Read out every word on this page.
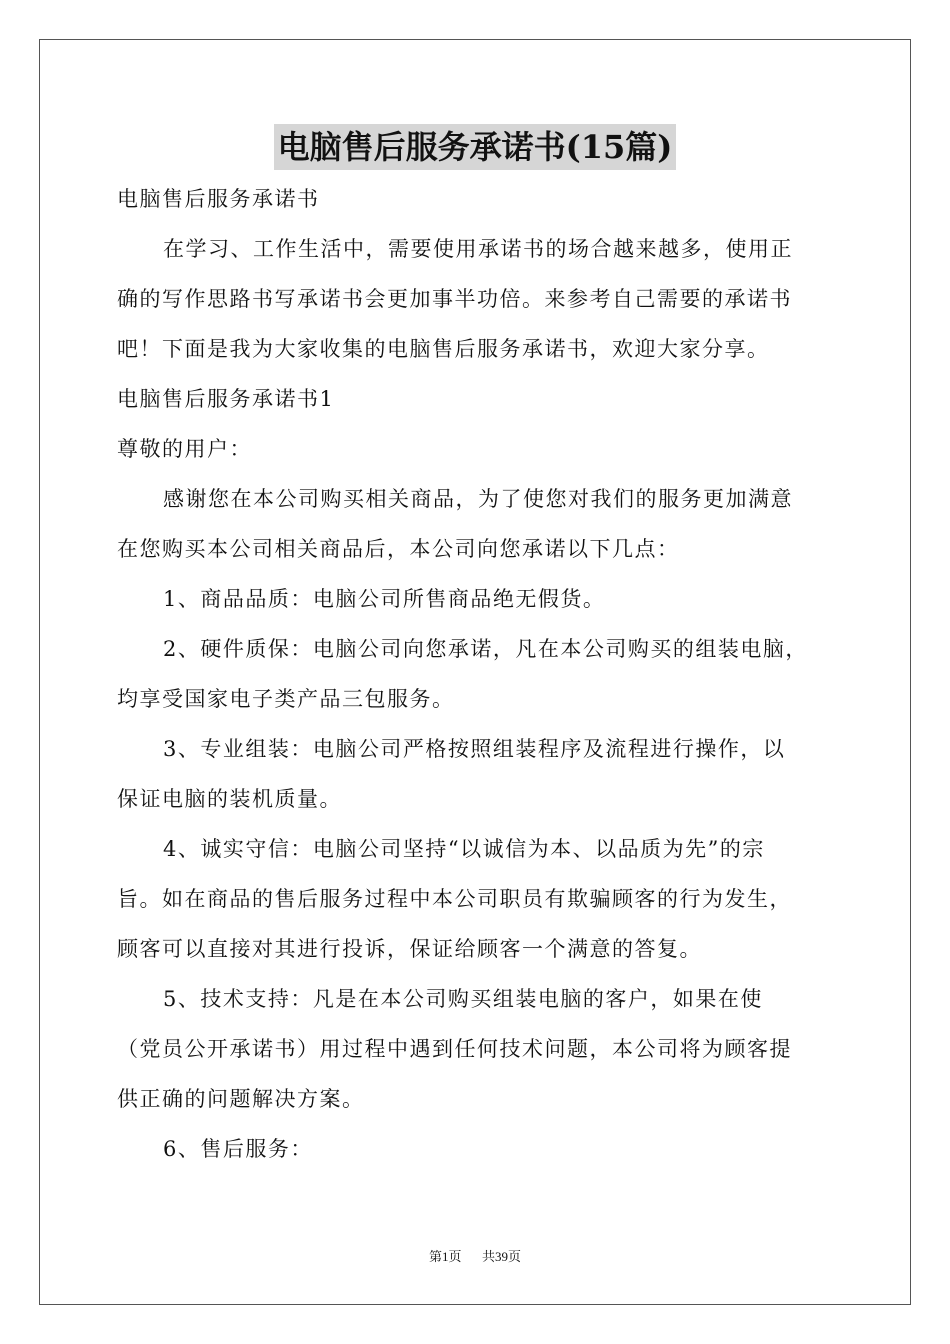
电脑售后服务承诺书(15篇)
电脑售后服务承诺书
在学习、工作生活中，需要使用承诺书的场合越来越多，使用正
确的写作思路书写承诺书会更加事半功倍。来参考自己需要的承诺书
吧！下面是我为大家收集的电脑售后服务承诺书，欢迎大家分享。
电脑售后服务承诺书1
尊敬的用户：
感谢您在本公司购买相关商品，为了使您对我们的服务更加满意
在您购买本公司相关商品后，本公司向您承诺以下几点：
1、商品品质：电脑公司所售商品绝无假货。
2、硬件质保：电脑公司向您承诺，凡在本公司购买的组装电脑，
均享受国家电子类产品三包服务。
3、专业组装：电脑公司严格按照组装程序及流程进行操作，以
保证电脑的装机质量。
4、诚实守信：电脑公司坚持“以诚信为本、以品质为先”的宗
旨。如在商品的售后服务过程中本公司职员有欺骗顾客的行为发生，
顾客可以直接对其进行投诉，保证给顾客一个满意的答复。
5、技术支持：凡是在本公司购买组装电脑的客户，如果在使
（党员公开承诺书）用过程中遇到任何技术问题，本公司将为顾客提
供正确的问题解决方案。
6、售后服务：
第1页 共39页
